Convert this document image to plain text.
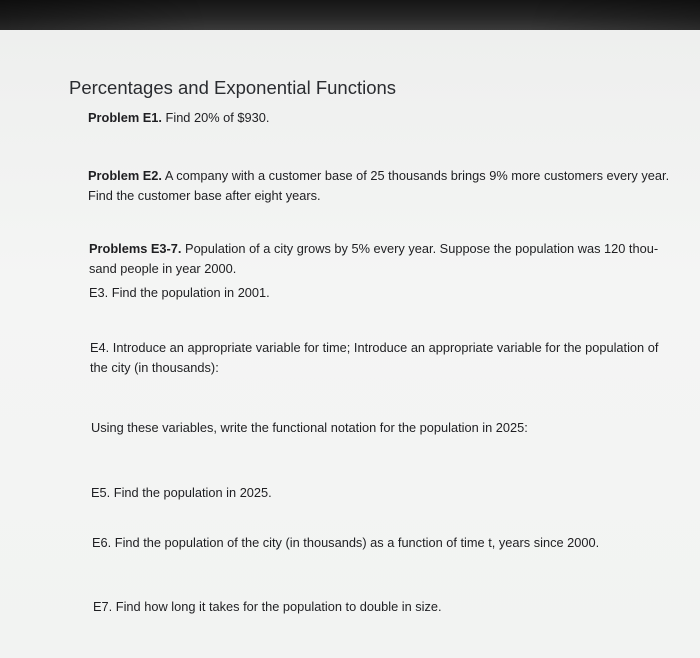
Percentages and Exponential Functions

Problem E1. Find 20% of $930.

Problem E2. A company with a customer base of 25 thousands brings 9% more customers every year.
Find the customer base after eight years.
Problems E3-7. Population of a city grows by 5% every year. Suppose the population was 120 thou-
sand people in year 2000.
E3. Find the population in 2001.
E4. Introduce an appropriate variable for time; Introduce an appropriate variable for the population of
the city (in thousands):

Using these variables, write the functional notation for the population in 2025:

E5. Find the population in 2025.

E6. Find the population of the city (in thousands) as a function of time t, years since 2000.

E7. Find how long it takes for the population to double in size.
